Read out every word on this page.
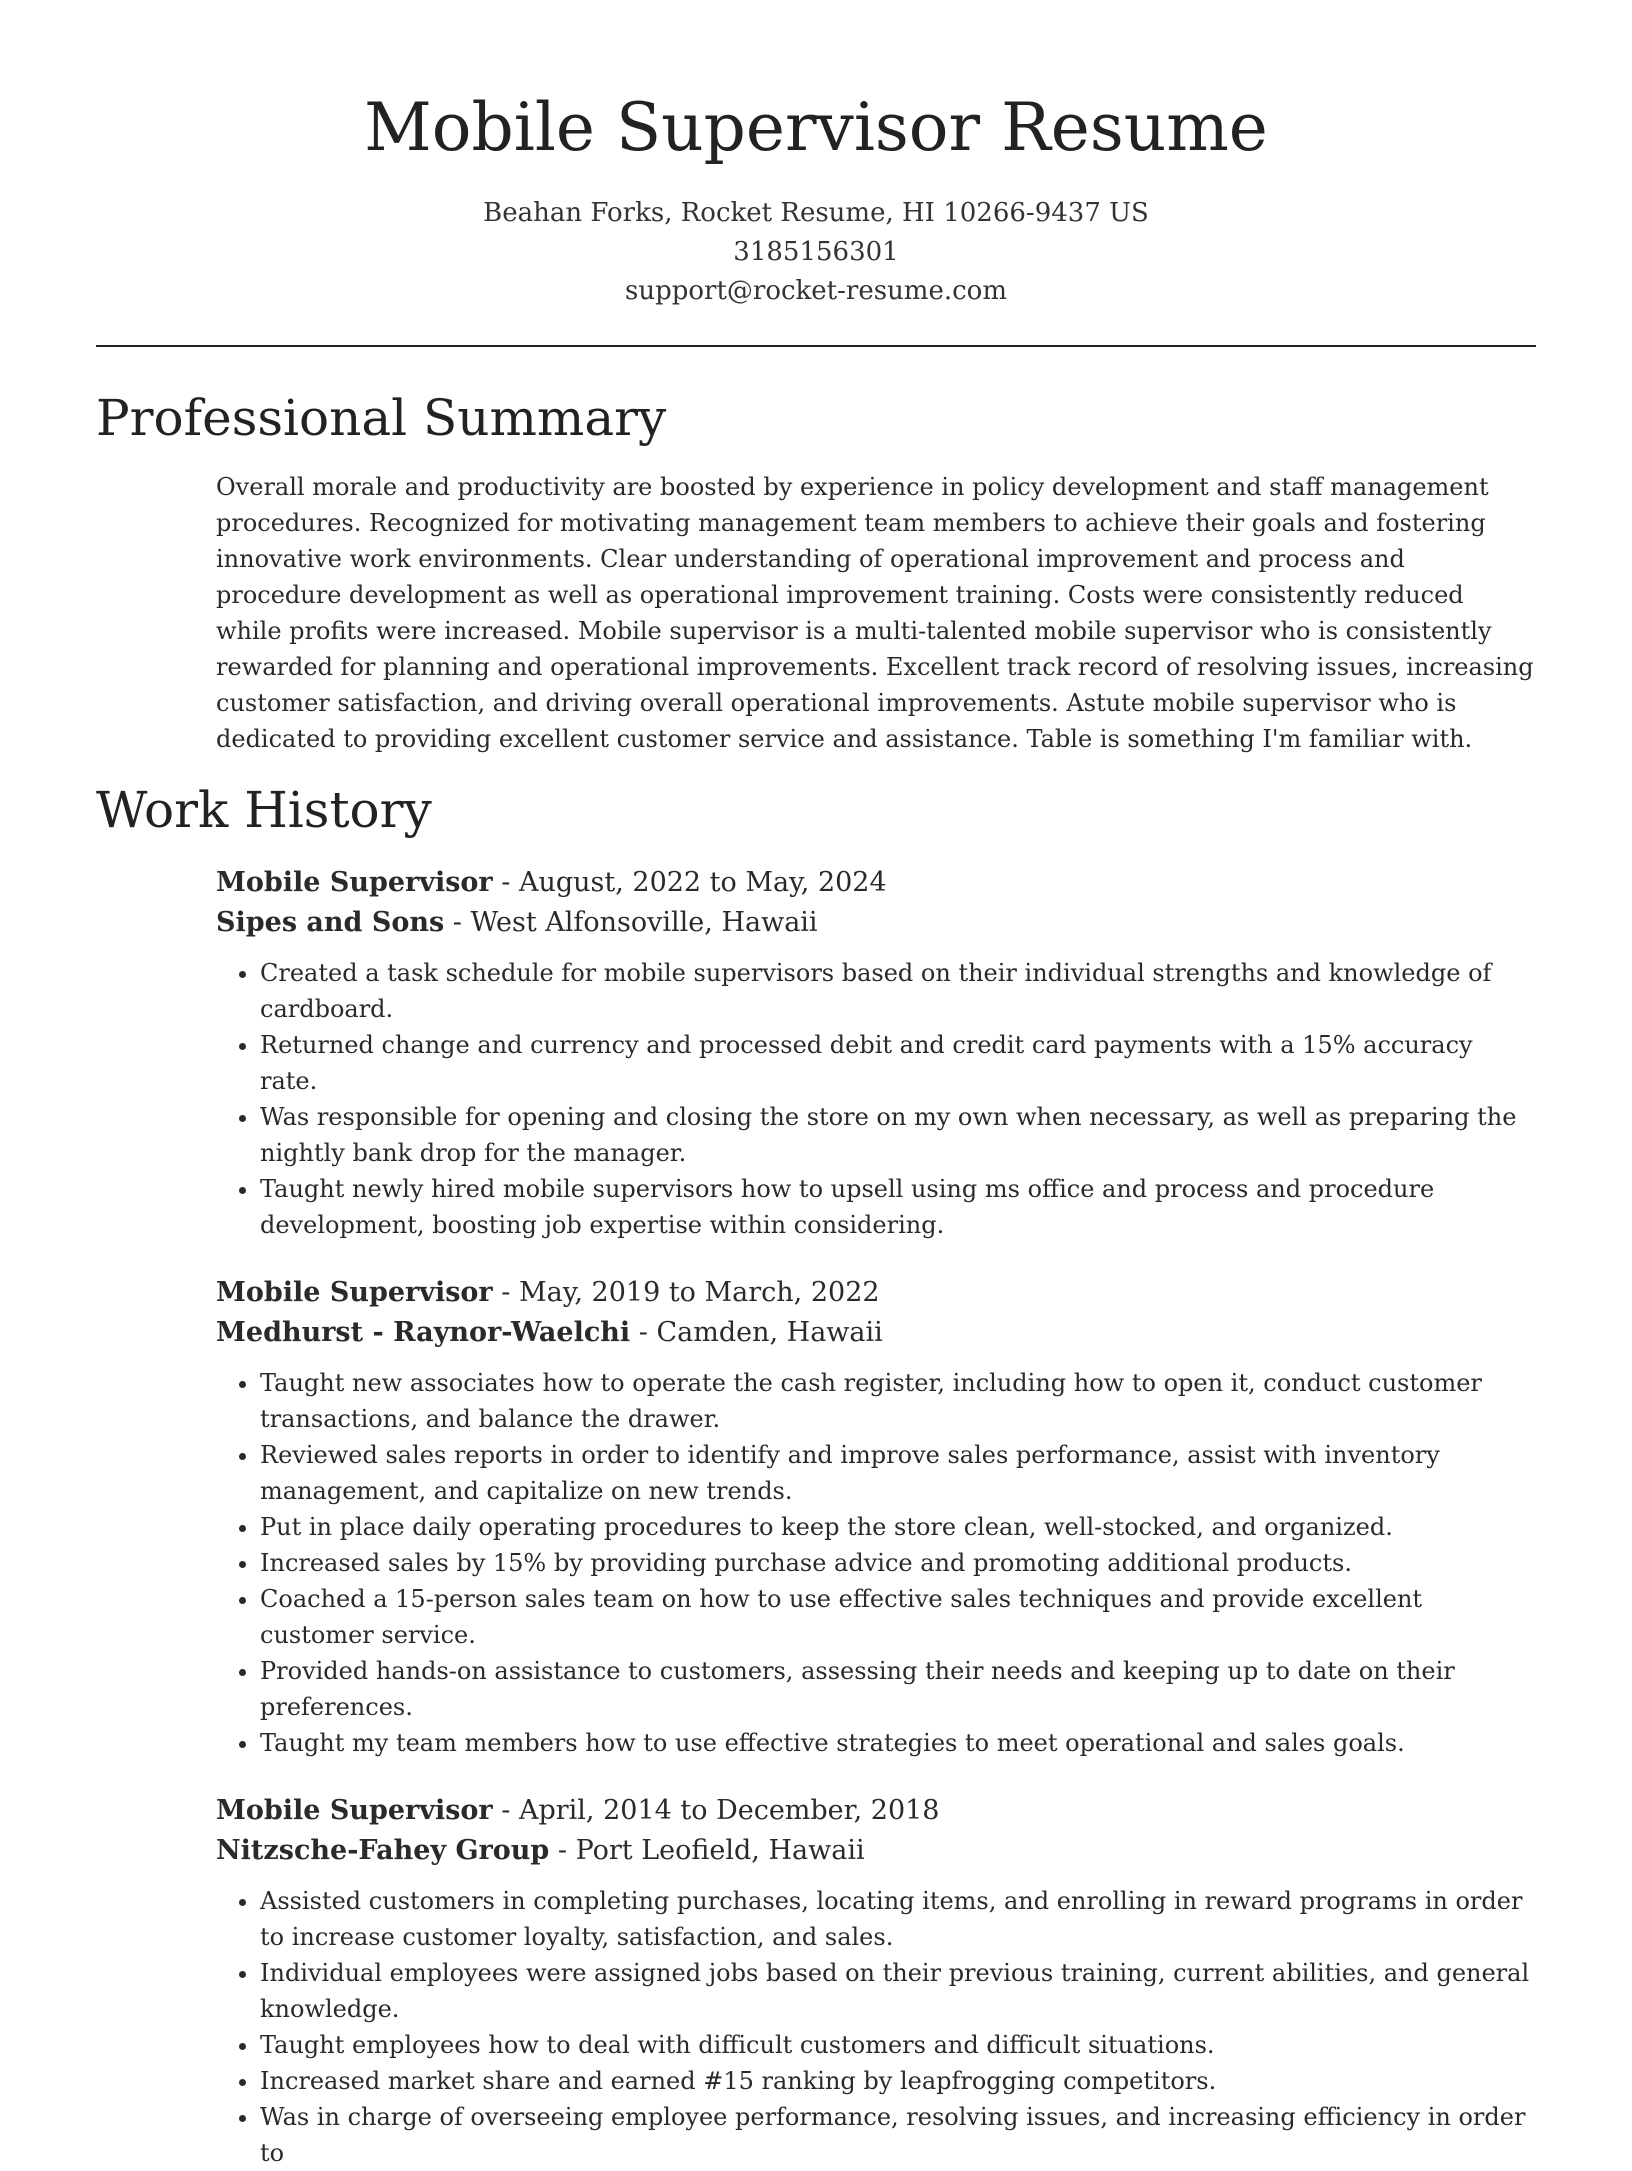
Mobile Supervisor Resume
Beahan Forks, Rocket Resume, HI 10266-9437 US
3185156301
support@rocket-resume.com
Professional Summary

Overall morale and productivity are boosted by experience in policy development and staff management procedures. Recognized for motivating management team members to achieve their goals and fostering innovative work environments. Clear understanding of operational improvement and process and procedure development as well as operational improvement training. Costs were consistently reduced while profits were increased. Mobile supervisor is a multi-talented mobile supervisor who is consistently rewarded for planning and operational improvements. Excellent track record of resolving issues, increasing customer satisfaction, and driving overall operational improvements. Astute mobile supervisor who is dedicated to providing excellent customer service and assistance. Table is something I'm familiar with.

Work History
Mobile Supervisor - August, 2022 to May, 2024
Sipes and Sons - West Alfonsoville, Hawaii
• Created a task schedule for mobile supervisors based on their individual strengths and knowledge of cardboard.
• Returned change and currency and processed debit and credit card payments with a 15% accuracy rate.
• Was responsible for opening and closing the store on my own when necessary, as well as preparing the nightly bank drop for the manager.
• Taught newly hired mobile supervisors how to upsell using ms office and process and procedure development, boosting job expertise within considering.
Mobile Supervisor - May, 2019 to March, 2022
Medhurst - Raynor-Waelchi - Camden, Hawaii
• Taught new associates how to operate the cash register, including how to open it, conduct customer transactions, and balance the drawer.
• Reviewed sales reports in order to identify and improve sales performance, assist with inventory management, and capitalize on new trends.
• Put in place daily operating procedures to keep the store clean, well-stocked, and organized.
• Increased sales by 15% by providing purchase advice and promoting additional products.
• Coached a 15-person sales team on how to use effective sales techniques and provide excellent customer service.
• Provided hands-on assistance to customers, assessing their needs and keeping up to date on their preferences.
• Taught my team members how to use effective strategies to meet operational and sales goals.
Mobile Supervisor - April, 2014 to December, 2018
Nitzsche-Fahey Group - Port Leofield, Hawaii
• Assisted customers in completing purchases, locating items, and enrolling in reward programs in order to increase customer loyalty, satisfaction, and sales.
• Individual employees were assigned jobs based on their previous training, current abilities, and general knowledge.
• Taught employees how to deal with difficult customers and difficult situations.
• Increased market share and earned #15 ranking by leapfrogging competitors.
• Was in charge of overseeing employee performance, resolving issues, and increasing efficiency in order to
